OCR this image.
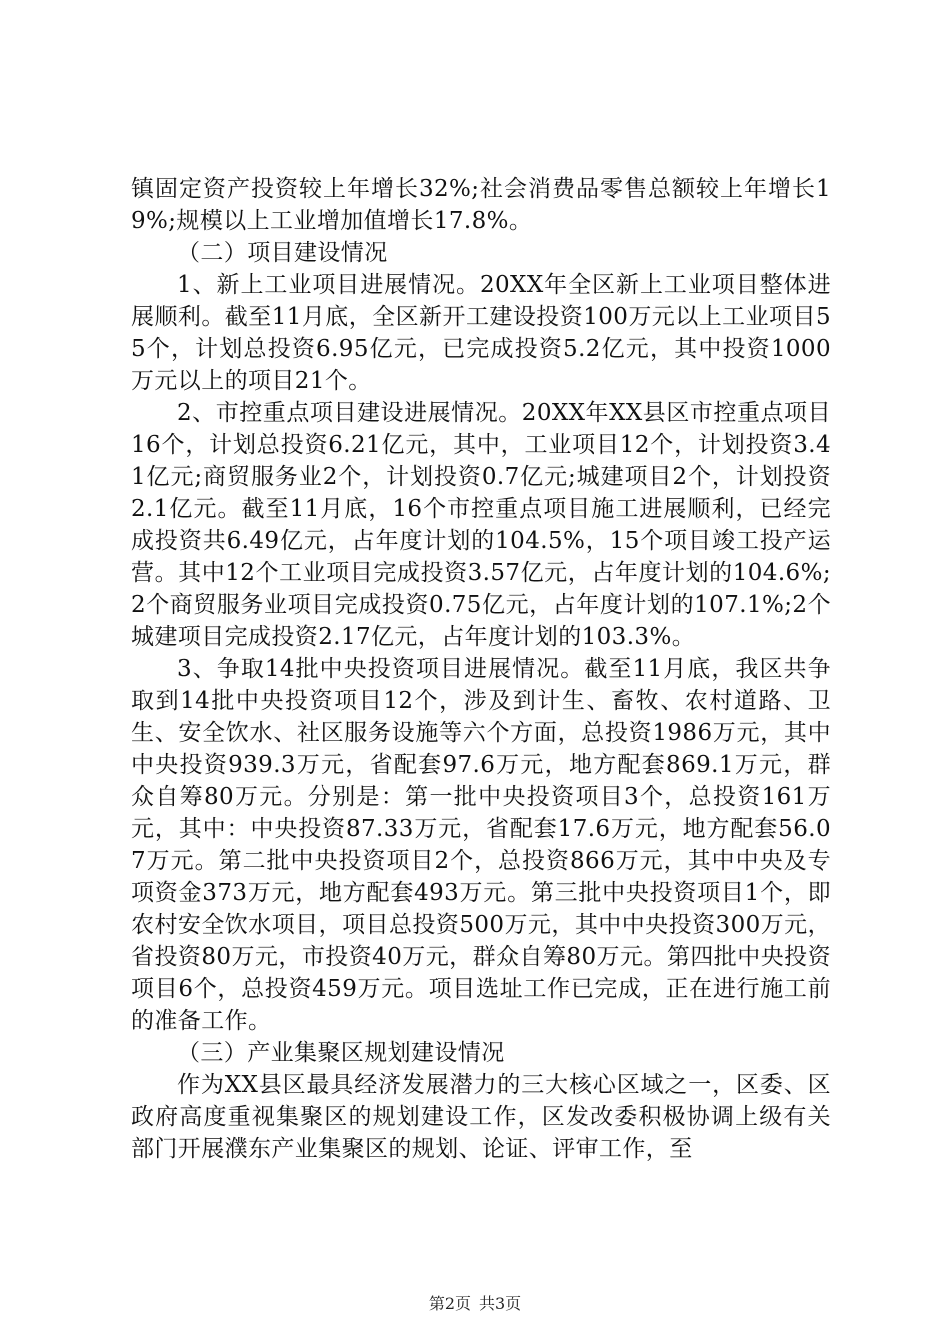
镇固定资产投资较上年增长32%;社会消费品零售总额较上年增长19%;规模以上工业增加值增长17.8%。

（二）项目建设情况

1、新上工业项目进展情况。20XX年全区新上工业项目整体进展顺利。截至11月底，全区新开工建设投资100万元以上工业项目55个，计划总投资6.95亿元，已完成投资5.2亿元，其中投资1000万元以上的项目21个。

2、市控重点项目建设进展情况。20XX年XX县区市控重点项目16个，计划总投资6.21亿元，其中，工业项目12个，计划投资3.41亿元;商贸服务业2个，计划投资0.7亿元;城建项目2个，计划投资2.1亿元。截至11月底，16个市控重点项目施工进展顺利，已经完成投资共6.49亿元，占年度计划的104.5%，15个项目竣工投产运营。其中12个工业项目完成投资3.57亿元，占年度计划的104.6%;2个商贸服务业项目完成投资0.75亿元，占年度计划的107.1%;2个城建项目完成投资2.17亿元，占年度计划的103.3%。

3、争取14批中央投资项目进展情况。截至11月底，我区共争取到14批中央投资项目12个，涉及到计生、畜牧、农村道路、卫生、安全饮水、社区服务设施等六个方面，总投资1986万元，其中中央投资939.3万元，省配套97.6万元，地方配套869.1万元，群众自筹80万元。分别是：第一批中央投资项目3个，总投资161万元，其中：中央投资87.33万元，省配套17.6万元，地方配套56.07万元。第二批中央投资项目2个，总投资866万元，其中中央及专项资金373万元，地方配套493万元。第三批中央投资项目1个，即农村安全饮水项目，项目总投资500万元，其中中央投资300万元，省投资80万元，市投资40万元，群众自筹80万元。第四批中央投资项目6个，总投资459万元。项目选址工作已完成，正在进行施工前的准备工作。

（三）产业集聚区规划建设情况

作为XX县区最具经济发展潜力的三大核心区域之一，区委、区政府高度重视集聚区的规划建设工作，区发改委积极协调上级有关部门开展濮东产业集聚区的规划、论证、评审工作，至

第2页 共3页
